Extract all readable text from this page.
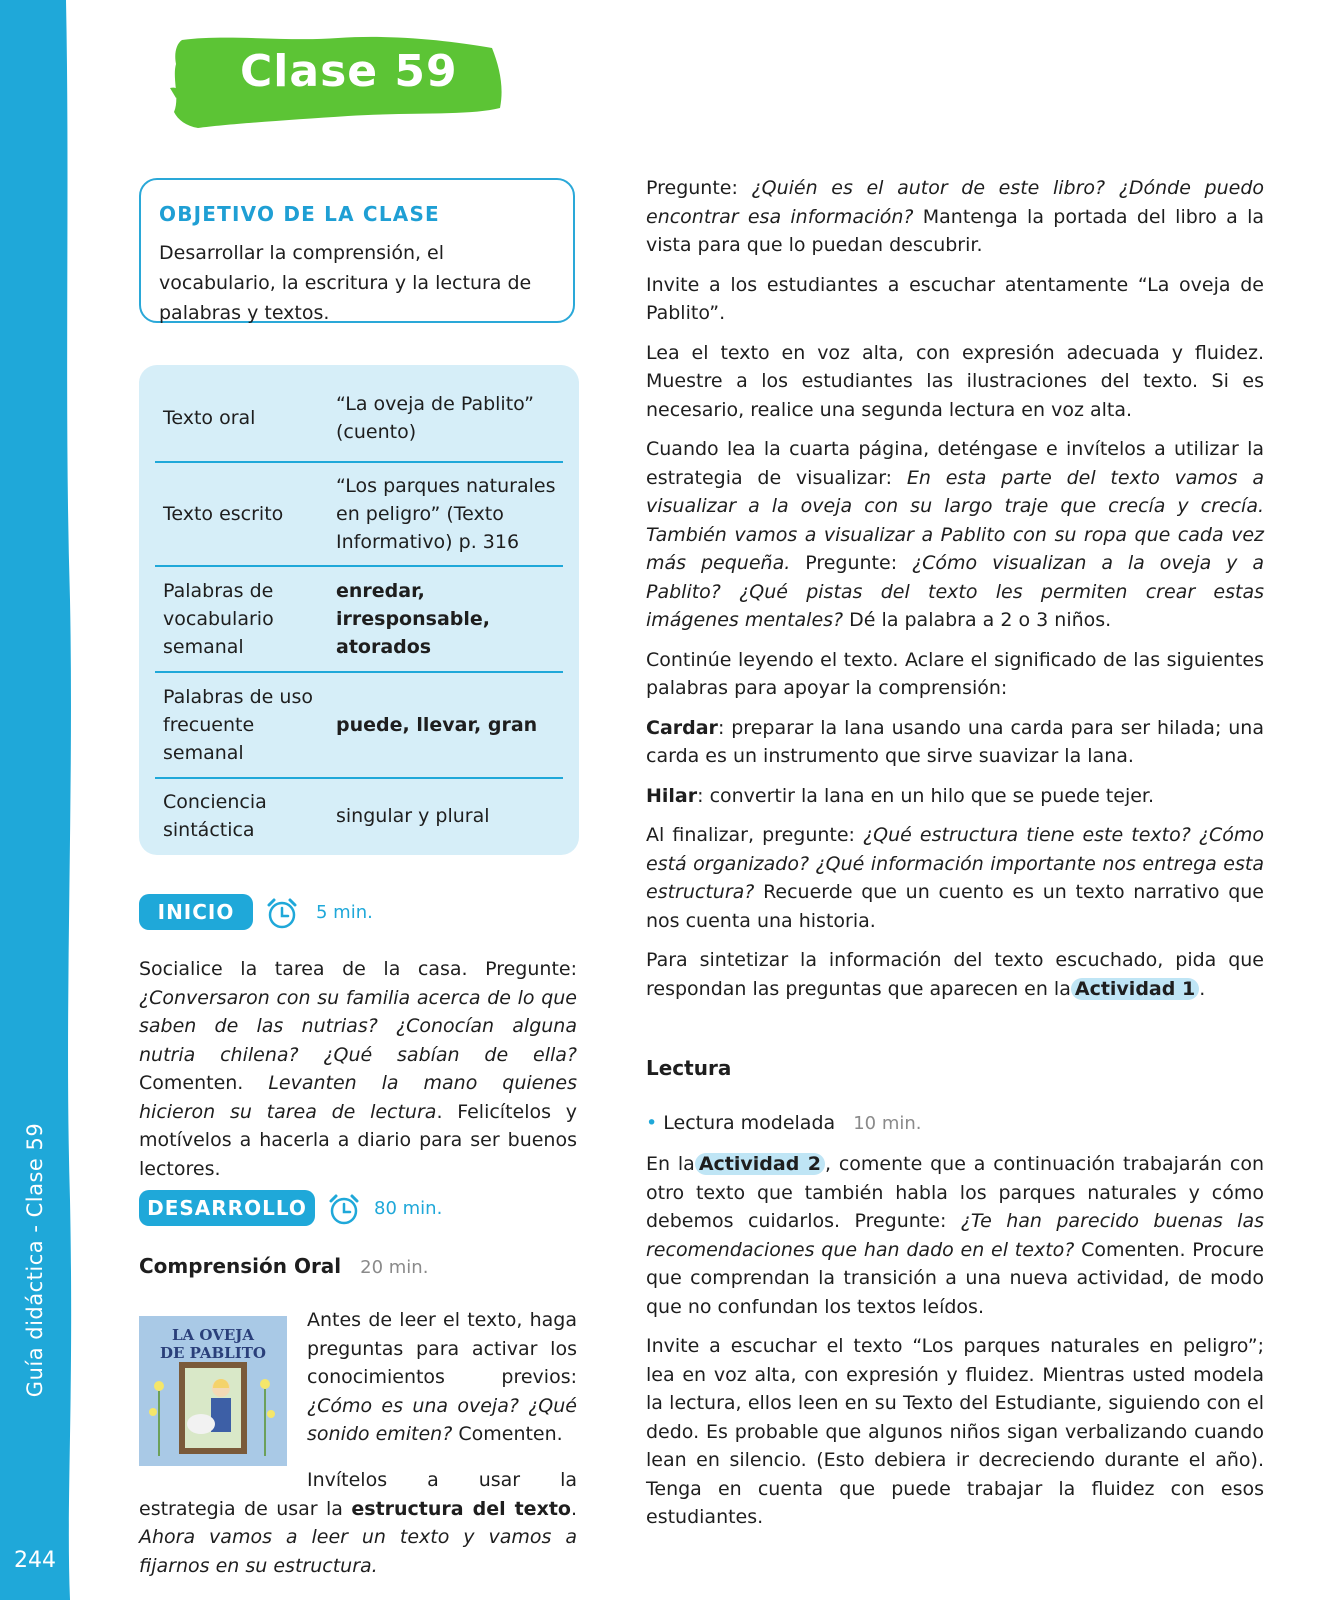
Guía didáctica - Clase 59
244
Clase 59
OBJETIVO DE LA CLASE

Desarrollar la comprensión, el vocabulario, la escritura y la lectura de palabras y textos.

Texto oral
“La oveja de Pablito” (cuento)
Texto escrito
“Los parques naturales en peligro” (Texto Informativo) p. 316
Palabras de vocabulario semanal
enredar, irresponsable, atorados
Palabras de uso frecuente semanal
puede, llevar, gran
Conciencia sintáctica
singular y plural
INICIO	5 min.

Socialice la tarea de la casa. Pregunte: ¿Conversaron con su familia acerca de lo que saben de las nutrias? ¿Conocían alguna nutria chilena? ¿Qué sabían de ella? Comenten. Levanten la mano quienes hicieron su tarea de lectura. Felicítelos y motívelos a hacerla a diario para ser buenos lectores.

DESARROLLO	80 min.
Comprensión Oral 20 min.
LA OVEJA
DE PABLITO

Antes de leer el texto, haga preguntas para activar los conocimientos previos: ¿Cómo es una oveja? ¿Qué sonido emiten? Comenten.

Invítelos a usar la estrategia de usar la estructura del texto. Ahora vamos a leer un texto y vamos a fijarnos en su estructura.

Pregunte: ¿Quién es el autor de este libro? ¿Dónde puedo encontrar esa información? Mantenga la portada del libro a la vista para que lo puedan descubrir.

Invite a los estudiantes a escuchar atentamente “La oveja de Pablito”.

Lea el texto en voz alta, con expresión adecuada y fluidez. Muestre a los estudiantes las ilustraciones del texto. Si es necesario, realice una segunda lectura en voz alta.

Cuando lea la cuarta página, deténgase e invítelos a utilizar la estrategia de visualizar: En esta parte del texto vamos a visualizar a la oveja con su largo traje que crecía y crecía. También vamos a visualizar a Pablito con su ropa que cada vez más pequeña. Pregunte: ¿Cómo visualizan a la oveja y a Pablito? ¿Qué pistas del texto les permiten crear estas imágenes mentales? Dé la palabra a 2 o 3 niños.

Continúe leyendo el texto. Aclare el significado de las siguientes palabras para apoyar la comprensión:

Cardar: preparar la lana usando una carda para ser hilada; una carda es un instrumento que sirve suavizar la lana.

Hilar: convertir la lana en un hilo que se puede tejer.

Al finalizar, pregunte: ¿Qué estructura tiene este texto? ¿Cómo está organizado? ¿Qué información importante nos entrega esta estructura? Recuerde que un cuento es un texto narrativo que nos cuenta una historia.

Para sintetizar la información del texto escuchado, pida que respondan las preguntas que aparecen en la Actividad 1 .

Lectura
• Lectura modelada 10 min.

En la Actividad 2 , comente que a continuación trabajarán con otro texto que también habla los parques naturales y cómo debemos cuidarlos. Pregunte: ¿Te han parecido buenas las recomendaciones que han dado en el texto? Comenten. Procure que comprendan la transición a una nueva actividad, de modo que no confundan los textos leídos.

Invite a escuchar el texto “Los parques naturales en peligro”; lea en voz alta, con expresión y fluidez. Mientras usted modela la lectura, ellos leen en su Texto del Estudiante, siguiendo con el dedo. Es probable que algunos niños sigan verbalizando cuando lean en silencio. (Esto debiera ir decreciendo durante el año). Tenga en cuenta que puede trabajar la fluidez con esos estudiantes.
